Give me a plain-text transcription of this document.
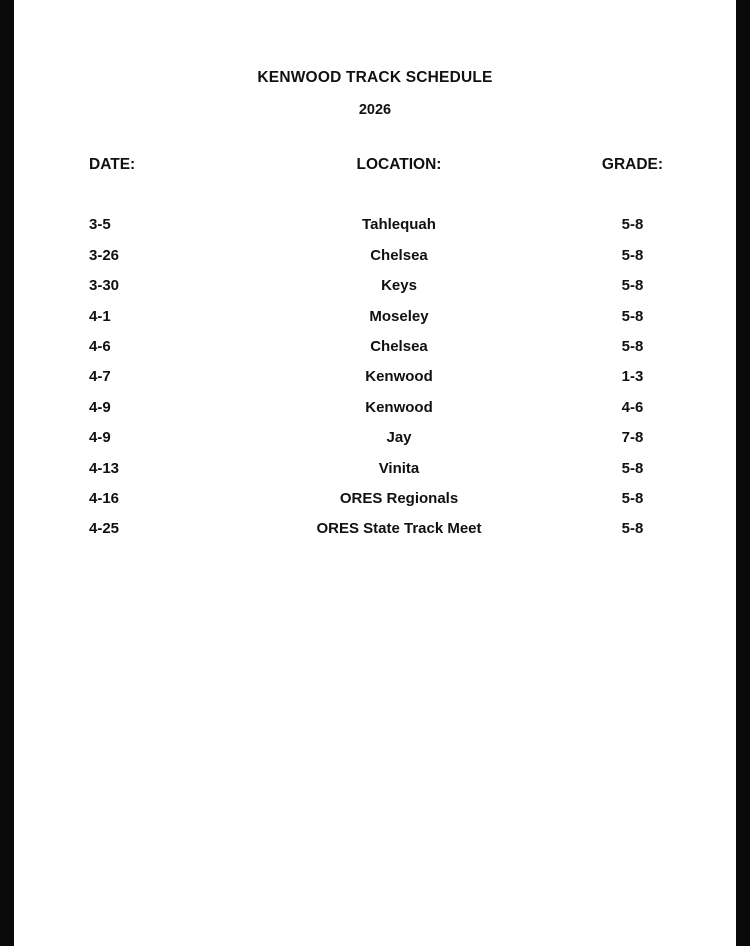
KENWOOD TRACK SCHEDULE
2026
DATE:	LOCATION:	GRADE:

3-5	Tahlequah	5-8
3-26	Chelsea	5-8
3-30	Keys	5-8
4-1	Moseley	5-8
4-6	Chelsea	5-8
4-7	Kenwood	1-3
4-9	Kenwood	4-6
4-9	Jay	7-8
4-13	Vinita	5-8
4-16	ORES Regionals	5-8
4-25	ORES State Track Meet	5-8
